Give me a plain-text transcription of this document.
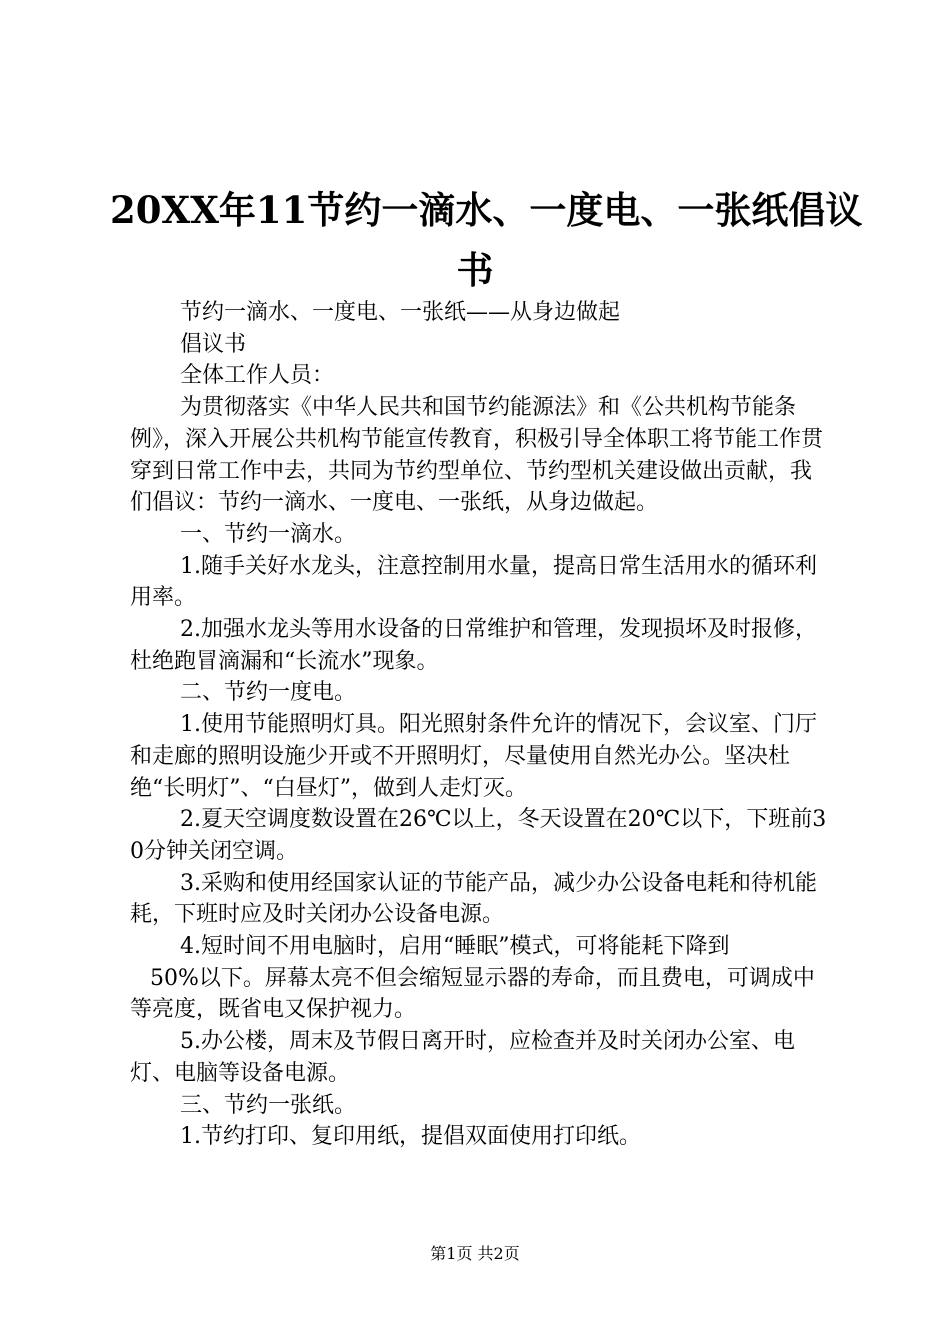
20XX年11节约一滴水、一度电、一张纸倡议
书

节约一滴水、一度电、一张纸——从身边做起

倡议书

全体工作人员：

为贯彻落实《中华人民共和国节约能源法》和《公共机构节能条例》，深入开展公共机构节能宣传教育，积极引导全体职工将节能工作贯穿到日常工作中去，共同为节约型单位、节约型机关建设做出贡献，我们倡议：节约一滴水、一度电、一张纸，从身边做起。

一、节约一滴水。

1.随手关好水龙头，注意控制用水量，提高日常生活用水的循环利用率。

2.加强水龙头等用水设备的日常维护和管理，发现损坏及时报修，杜绝跑冒滴漏和“长流水”现象。

二、节约一度电。

1.使用节能照明灯具。阳光照射条件允许的情况下，会议室、门厅和走廊的照明设施少开或不开照明灯，尽量使用自然光办公。坚决杜绝“长明灯”、“白昼灯”，做到人走灯灭。

2.夏天空调度数设置在26℃以上，冬天设置在20℃以下，下班前30分钟关闭空调。

3.采购和使用经国家认证的节能产品，减少办公设备电耗和待机能耗，下班时应及时关闭办公设备电源。

4.短时间不用电脑时，启用“睡眠”模式，可将能耗下降到

50%以下。屏幕太亮不但会缩短显示器的寿命，而且费电，可调成中等亮度，既省电又保护视力。

5.办公楼，周末及节假日离开时，应检查并及时关闭办公室、电灯、电脑等设备电源。

三、节约一张纸。

1.节约打印、复印用纸，提倡双面使用打印纸。

第1页 共2页
